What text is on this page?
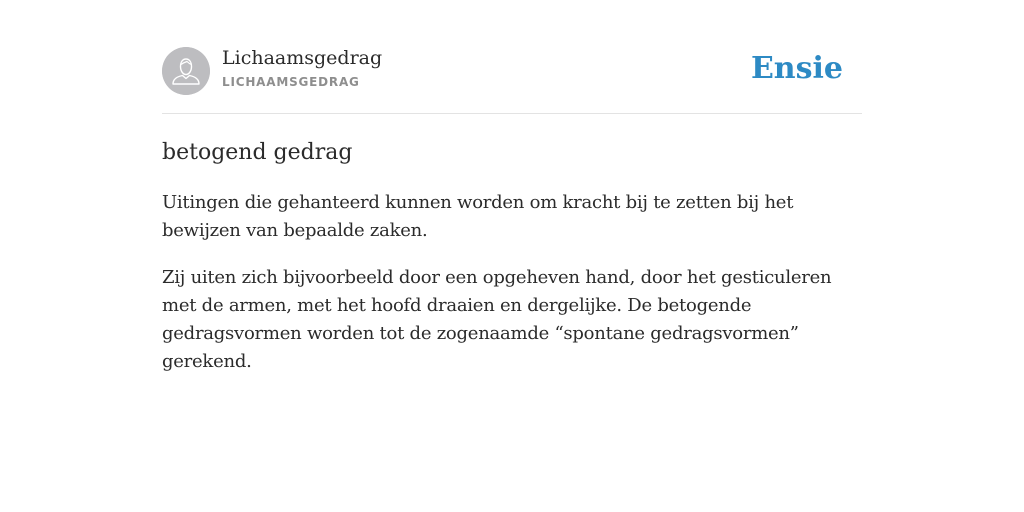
Lichaamsgedrag
LICHAAMSGEDRAG	Ensie
betogend gedrag

Uitingen die gehanteerd kunnen worden om kracht bij te zetten bij het bewijzen van bepaalde zaken.

Zij uiten zich bijvoorbeeld door een opgeheven hand, door het gesticuleren met de armen, met het hoofd draaien en dergelijke. De betogende gedragsvormen worden tot de zogenaamde “spontane gedragsvormen” gerekend.
